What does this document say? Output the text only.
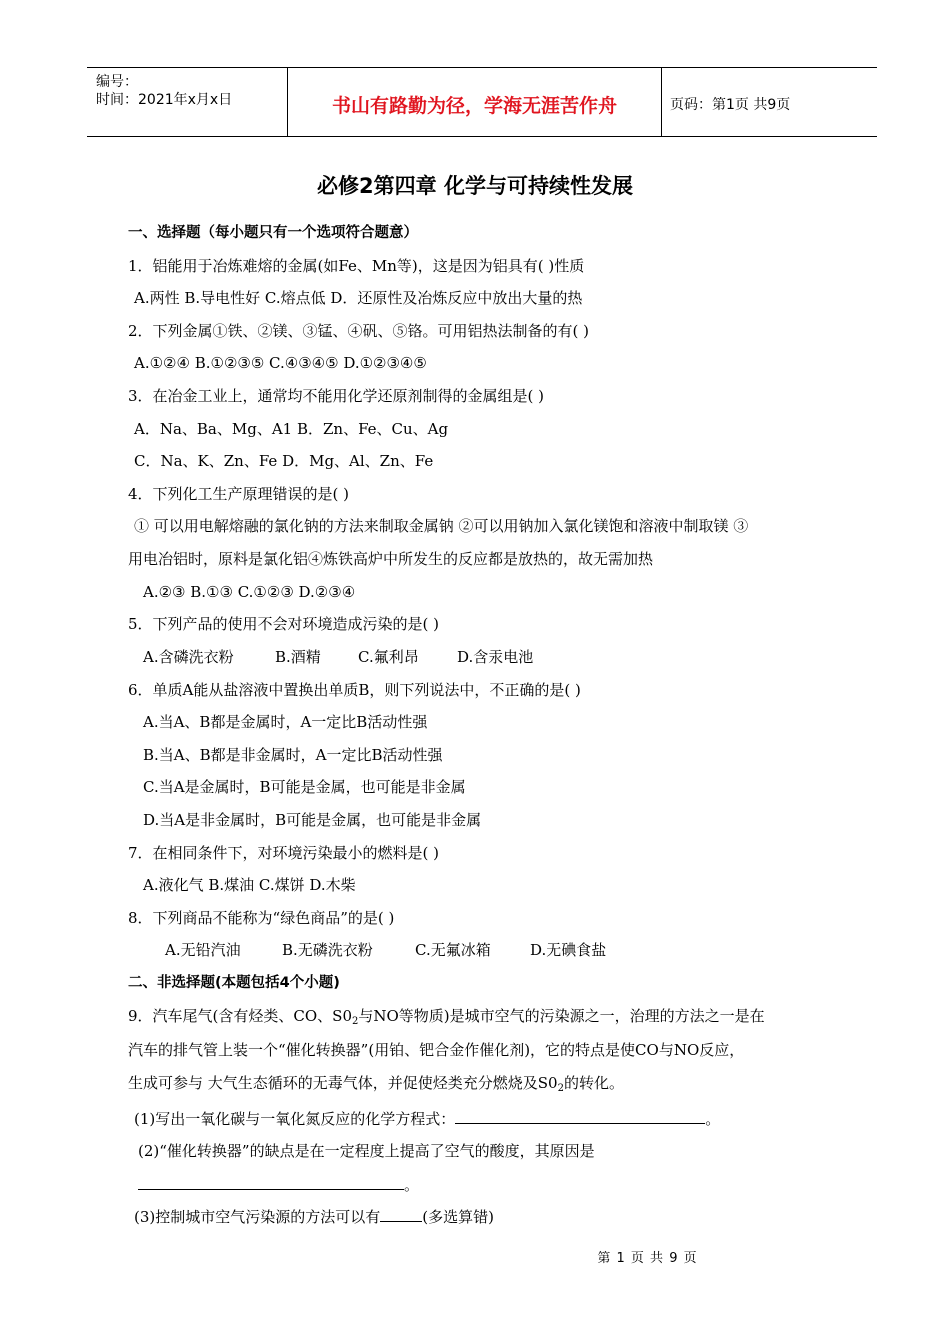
编号：
时间：2021年x月x日	书山有路勤为径，学海无涯苦作舟	页码：第1页 共9页
必修2第四章 化学与可持续性发展
一、选择题（每小题只有一个选项符合题意）
1．铝能用于冶炼难熔的金属(如Fe、Mn等)，这是因为铝具有( )性质
A.两性 B.导电性好 C.熔点低 D．还原性及冶炼反应中放出大量的热
2．下列金属①铁、②镁、③锰、④矾、⑤铬。可用铝热法制备的有( )
A.①②④ B.①②③⑤ C.④③④⑤ D.①②③④⑤
3．在冶金工业上，通常均不能用化学还原剂制得的金属组是( )
A．Na、Ba、Mg、A1 B．Zn、Fe、Cu、Ag
C．Na、K、Zn、Fe D．Mg、Al、Zn、Fe
4．下列化工生产原理错误的是( )
① 可以用电解熔融的氯化钠的方法来制取金属钠 ②可以用钠加入氯化镁饱和溶液中制取镁 ③
用电冶铝时，原料是氯化铝④炼铁高炉中所发生的反应都是放热的，故无需加热
A.②③ B.①③ C.①②③ D.②③④
5．下列产品的使用不会对环境造成污染的是( )
A.含磷洗衣粉	B.酒精 C.氟利昂	D.含汞电池
6．单质A能从盐溶液中置换出单质B，则下列说法中，不正确的是( )
A.当A、B都是金属时，A一定比B活动性强
B.当A、B都是非金属时，A一定比B活动性强
C.当A是金属时，B可能是金属，也可能是非金属
D.当A是非金属时，B可能是金属，也可能是非金属
7．在相同条件下，对环境污染最小的燃料是( )
A.液化气 B.煤油 C.煤饼 D.木柴
8．下列商品不能称为“绿色商品”的是( )
A.无铅汽油	B.无磷洗衣粉	C.无氟冰箱	D.无碘食盐
二、非选择题(本题包括4个小题)
9．汽车尾气(含有烃类、CO、$S0_2$与NO等物质)是城市空气的污染源之一，治理的方法之一是在
汽车的排气管上装一个“催化转换器”(用铂、钯合金作催化剂)，它的特点是使CO与NO反应，
生成可参与 大气生态循环的无毒气体，并促使烃类充分燃烧及$S0_2$的转化。
(1)写出一氧化碳与一氧化氮反应的化学方程式：	。
(2)“催化转换器”的缺点是在一定程度上提高了空气的酸度，其原因是
。
(3)控制城市空气污染源的方法可以有	(多选算错)
第 1 页 共 9 页
